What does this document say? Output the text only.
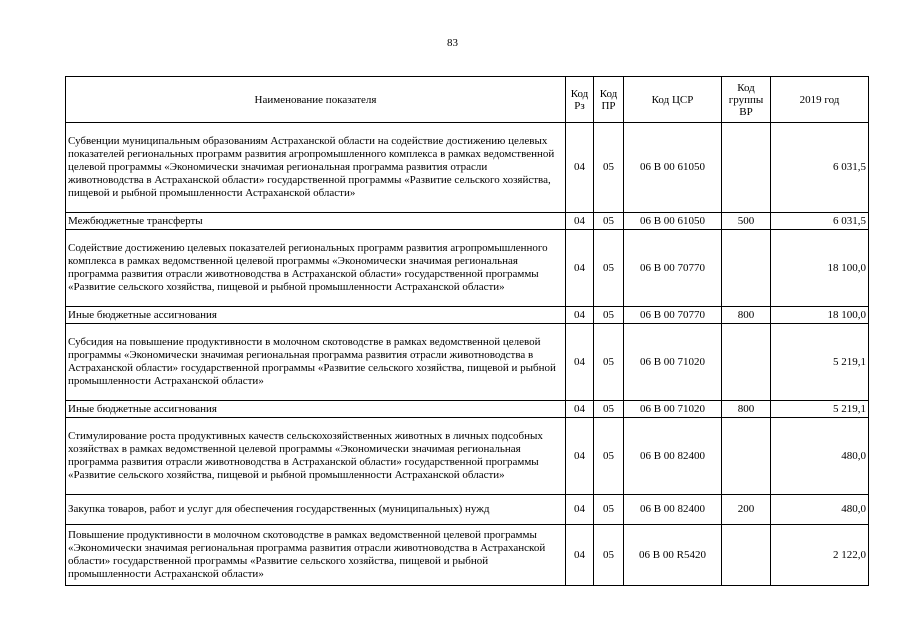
83
Наименование показателя	Код Рз	Код ПР	Код ЦСР	Код группы ВР	2019 год
Субвенции муниципальным образованиям Астраханской области на содействие достижению целевых показателей региональных программ развития агропромышленного комплекса в рамках ведомственной целевой программы «Экономически значимая региональная программа развития отрасли животноводства в Астраханской области» государственной программы «Развитие сельского хозяйства, пищевой и рыбной промышленности Астраханской области»	04	05	06 В 00 61050		6 031,5
Межбюджетные трансферты	04	05	06 В 00 61050	500	6 031,5
Содействие достижению целевых показателей региональных программ развития агропромышленного комплекса в рамках ведомственной целевой программы «Экономически значимая региональная программа развития отрасли животноводства в Астраханской области» государственной программы «Развитие сельского хозяйства, пищевой и рыбной промышленности Астраханской области»	04	05	06 В 00 70770		18 100,0
Иные бюджетные ассигнования	04	05	06 В 00 70770	800	18 100,0
Субсидия на повышение продуктивности в молочном скотоводстве в рамках ведомственной целевой программы «Экономически значимая региональная программа развития отрасли животноводства в Астраханской области» государственной программы «Развитие сельского хозяйства, пищевой и рыбной промышленности Астраханской области»	04	05	06 В 00 71020		5 219,1
Иные бюджетные ассигнования	04	05	06 В 00 71020	800	5 219,1
Стимулирование роста продуктивных качеств сельскохозяйственных животных в личных подсобных хозяйствах в рамках ведомственной целевой программы «Экономически значимая региональная программа развития отрасли животноводства в Астраханской области» государственной программы «Развитие сельского хозяйства, пищевой и рыбной промышленности Астраханской области»	04	05	06 В 00 82400		480,0
Закупка товаров, работ и услуг для обеспечения государственных (муниципальных) нужд	04	05	06 В 00 82400	200	480,0
Повышение продуктивности в молочном скотоводстве в рамках ведомственной целевой программы «Экономически значимая региональная программа развития отрасли животноводства в Астраханской области» государственной программы «Развитие сельского хозяйства, пищевой и рыбной промышленности Астраханской области»	04	05	06 В 00 R5420		2 122,0
